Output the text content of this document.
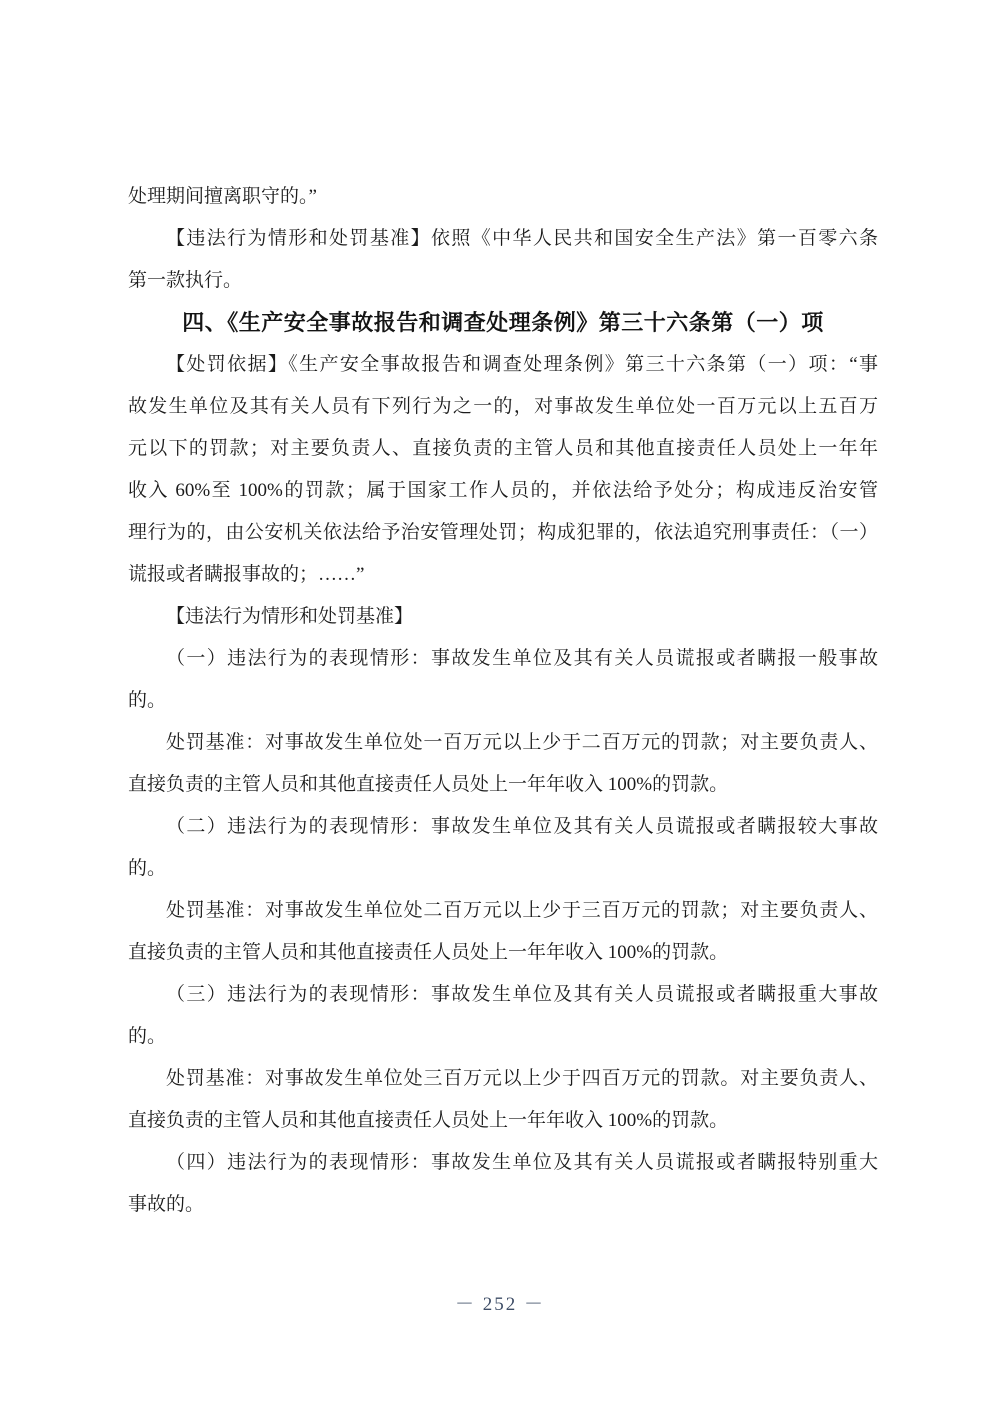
处理期间擅离职守的。”
【违法行为情形和处罚基准】依照《中华人民共和国安全生产法》第一百零六条
第一款执行。
四、《生产安全事故报告和调查处理条例》第三十六条第（一）项
【处罚依据】《生产安全事故报告和调查处理条例》第三十六条第（一）项：“事
故发生单位及其有关人员有下列行为之一的，对事故发生单位处一百万元以上五百万
元以下的罚款；对主要负责人、直接负责的主管人员和其他直接责任人员处上一年年
收入 60%至 100%的罚款；属于国家工作人员的，并依法给予处分；构成违反治安管
理行为的，由公安机关依法给予治安管理处罚；构成犯罪的，依法追究刑事责任：（一）
谎报或者瞒报事故的；……”
【违法行为情形和处罚基准】
（一）违法行为的表现情形：事故发生单位及其有关人员谎报或者瞒报一般事故
的。
处罚基准：对事故发生单位处一百万元以上少于二百万元的罚款；对主要负责人、
直接负责的主管人员和其他直接责任人员处上一年年收入 100%的罚款。
（二）违法行为的表现情形：事故发生单位及其有关人员谎报或者瞒报较大事故
的。
处罚基准：对事故发生单位处二百万元以上少于三百万元的罚款；对主要负责人、
直接负责的主管人员和其他直接责任人员处上一年年收入 100%的罚款。
（三）违法行为的表现情形：事故发生单位及其有关人员谎报或者瞒报重大事故
的。
处罚基准：对事故发生单位处三百万元以上少于四百万元的罚款。对主要负责人、
直接负责的主管人员和其他直接责任人员处上一年年收入 100%的罚款。
（四）违法行为的表现情形：事故发生单位及其有关人员谎报或者瞒报特别重大
事故的。
－ 252 －
